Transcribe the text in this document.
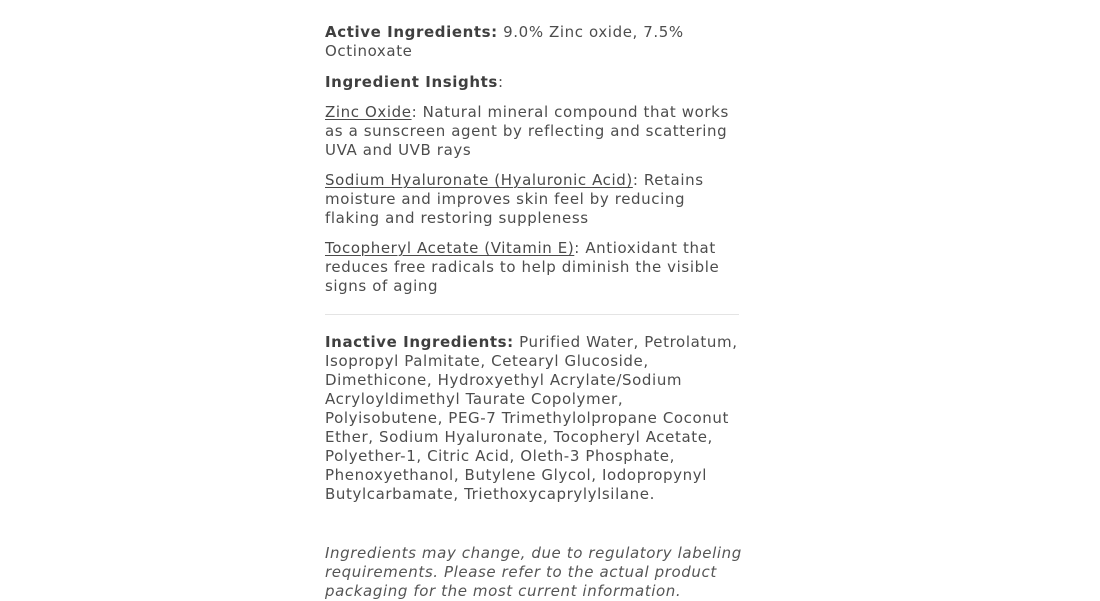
Active Ingredients: 9.0% Zinc oxide, 7.5% Octinoxate

Ingredient Insights:

Zinc Oxide: Natural mineral compound that works as a sunscreen agent by reflecting and scattering UVA and UVB rays

Sodium Hyaluronate (Hyaluronic Acid): Retains moisture and improves skin feel by reducing flaking and restoring suppleness

Tocopheryl Acetate (Vitamin E): Antioxidant that reduces free radicals to help diminish the visible signs of aging

Inactive Ingredients: Purified Water, Petrolatum, Isopropyl Palmitate, Cetearyl Glucoside, Dimethicone, Hydroxyethyl Acrylate/Sodium Acryloyldimethyl Taurate Copolymer, Polyisobutene, PEG-7 Trimethylolpropane Coconut Ether, Sodium Hyaluronate, Tocopheryl Acetate, Polyether-1, Citric Acid, Oleth-3 Phosphate, Phenoxyethanol, Butylene Glycol, Iodopropynyl Butylcarbamate, Triethoxycaprylylsilane.

Ingredients may change, due to regulatory labeling requirements. Please refer to the actual product packaging for the most current information.
